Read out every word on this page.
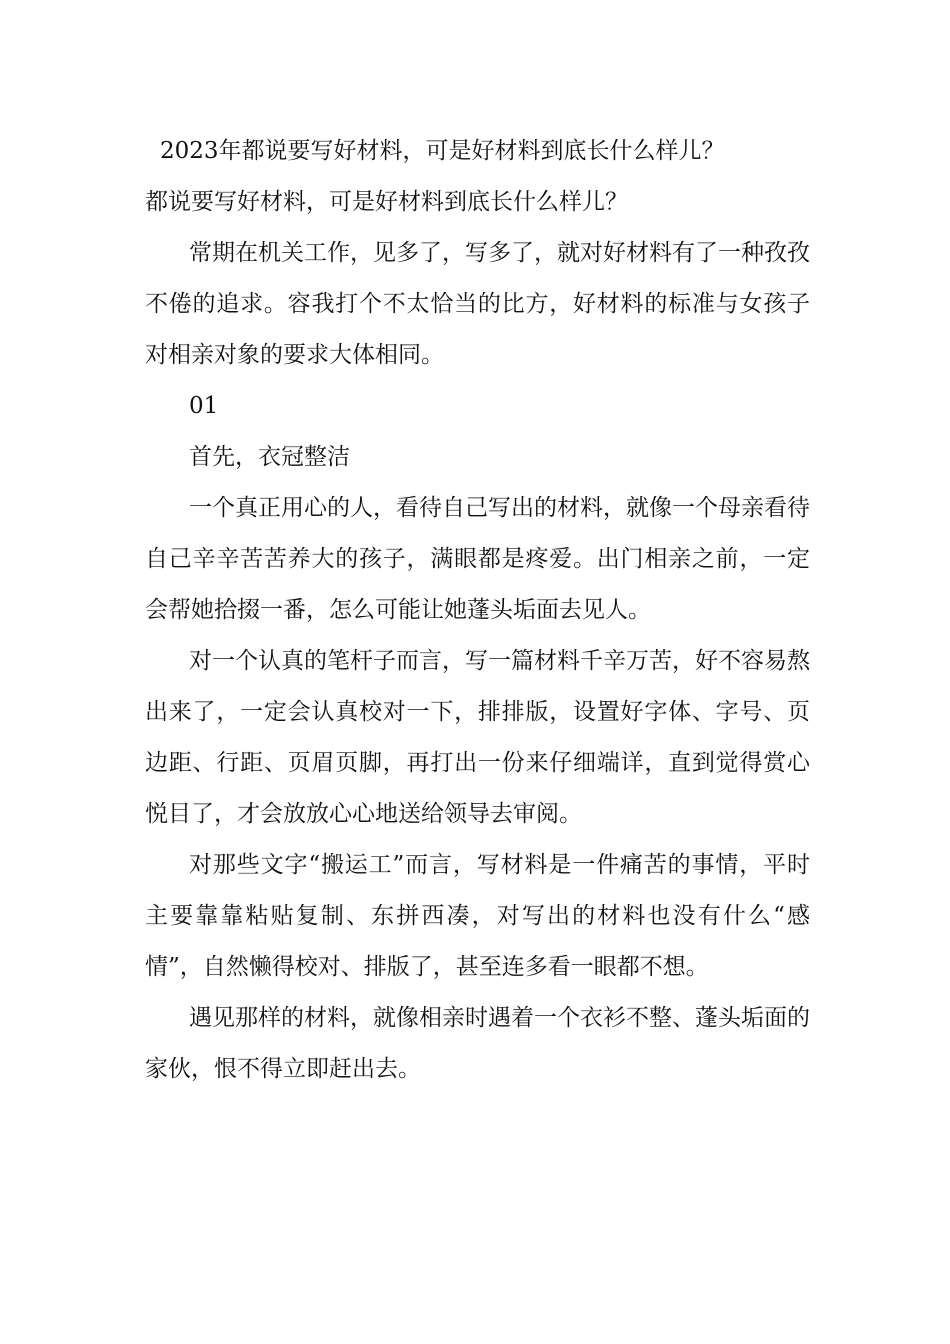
2023年都说要写好材料，可是好材料到底长什么样儿？

都说要写好材料，可是好材料到底长什么样儿？

常期在机关工作，见多了，写多了，就对好材料有了一种孜孜不倦的追求。容我打个不太恰当的比方，好材料的标准与女孩子对相亲对象的要求大体相同。

01

首先，衣冠整洁

一个真正用心的人，看待自己写出的材料，就像一个母亲看待自己辛辛苦苦养大的孩子，满眼都是疼爱。出门相亲之前，一定会帮她拾掇一番，怎么可能让她蓬头垢面去见人。

对一个认真的笔杆子而言，写一篇材料千辛万苦，好不容易熬出来了，一定会认真校对一下，排排版，设置好字体、字号、页边距、行距、页眉页脚，再打出一份来仔细端详，直到觉得赏心悦目了，才会放放心心地送给领导去审阅。

对那些文字“搬运工”而言，写材料是一件痛苦的事情，平时主要靠靠粘贴复制、东拼西凑，对写出的材料也没有什么“感情”，自然懒得校对、排版了，甚至连多看一眼都不想。

遇见那样的材料，就像相亲时遇着一个衣衫不整、蓬头垢面的家伙，恨不得立即赶出去。
